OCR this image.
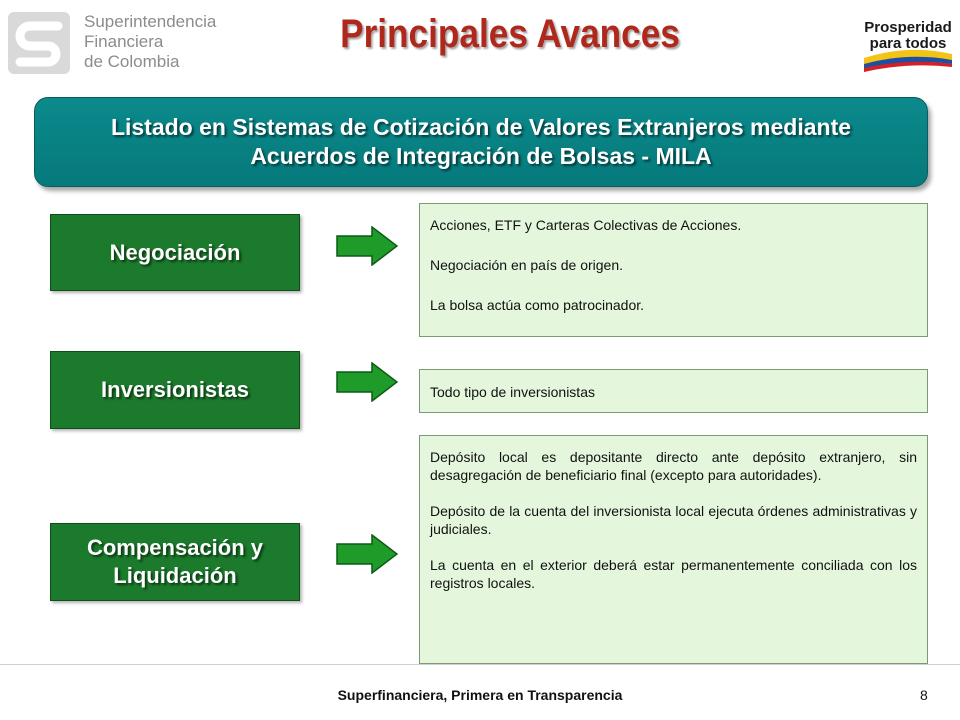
Superintendencia
Financiera
de Colombia
Principales Avances	Prosperidad
para todos
Listado en Sistemas de Cotización de Valores Extranjeros mediante
Acuerdos de Integración de Bolsas - MILA
Negociación

Acciones, ETF y Carteras Colectivas de Acciones.

Negociación en país de origen.

La bolsa actúa como patrocinador.

Inversionistas	Todo tipo de inversionistas

Compensación y
Liquidación

Depósito local es depositante directo ante depósito extranjero, sin desagregación de beneficiario final (excepto para autoridades).

Depósito de la cuenta del inversionista local ejecuta órdenes administrativas y judiciales.

La cuenta en el exterior deberá estar permanentemente conciliada con los registros locales.

Superfinanciera, Primera en Transparencia	8
